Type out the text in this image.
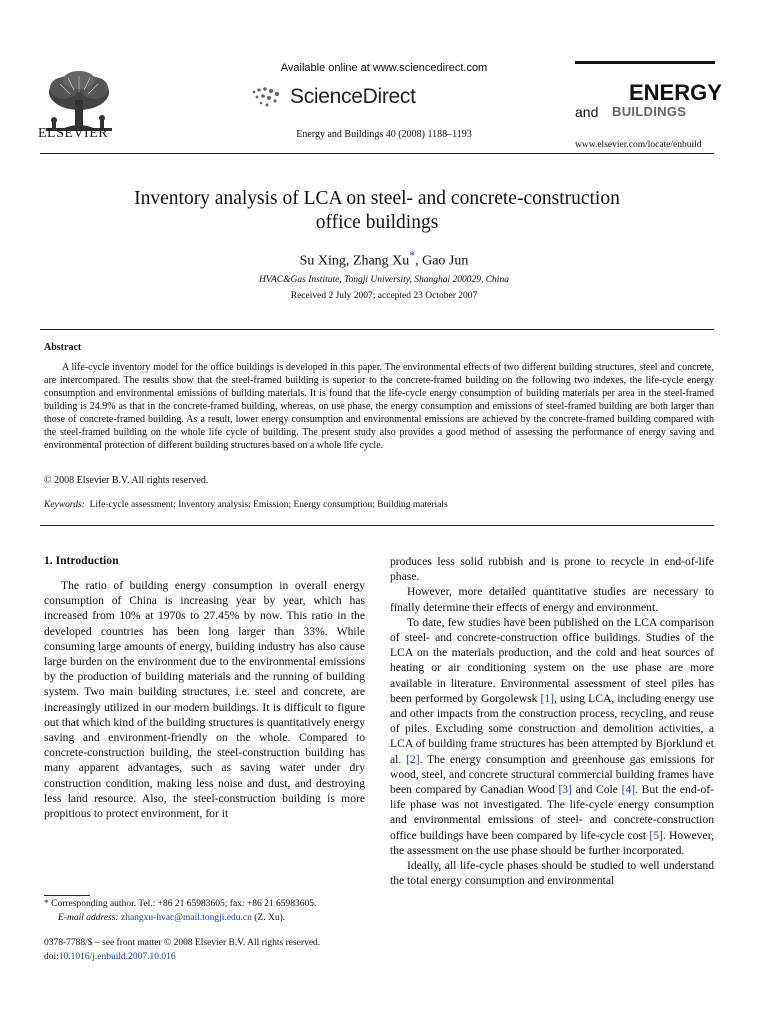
ELSEVIER
Available online at www.sciencedirect.com
ScienceDirect
Energy and Buildings 40 (2008) 1188–1193
ENERGY
and BUILDINGS
www.elsevier.com/locate/enbuild
Inventory analysis of LCA on steel- and concrete-construction
office buildings
Su Xing, Zhang Xu*, Gao Jun
HVAC&Gas Institute, Tongji University, Shanghai 200029, China
Received 2 July 2007; accepted 23 October 2007
Abstract
A life-cycle inventory model for the office buildings is developed in this paper. The environmental effects of two different building structures, steel and concrete, are intercompared. The results show that the steel-framed building is superior to the concrete-framed building on the following two indexes, the life-cycle energy consumption and environmental emissions of building materials. It is found that the life-cycle energy consumption of building materials per area in the steel-framed building is 24.9% as that in the concrete-framed building, whereas, on use phase, the energy consumption and emissions of steel-framed building are both larger than those of concrete-framed building. As a result, lower energy consumption and environmental emissions are achieved by the concrete-framed building compared with the steel-framed building on the whole life cycle of building. The present study also provides a good method of assessing the performance of energy saving and environmental protection of different building structures based on a whole life cycle.
© 2008 Elsevier B.V. All rights reserved.
Keywords: Life-cycle assessment; Inventory analysis; Emission; Energy consumption; Building materials
1. Introduction

The ratio of building energy consumption in overall energy consumption of China is increasing year by year, which has increased from 10% at 1970s to 27.45% by now. This ratio in the developed countries has been long larger than 33%. While consuming large amounts of energy, building industry has also cause large burden on the environment due to the environmental emissions by the production of building materials and the running of building system. Two main building structures, i.e. steel and concrete, are increasingly utilized in our modern buildings. It is difficult to figure out that which kind of the building structures is quantitatively energy saving and environment-friendly on the whole. Compared to concrete-construction building, the steel-construction building has many apparent advantages, such as saving water under dry construction condition, making less noise and dust, and destroying less land resource. Also, the steel-construction building is more propitious to protect environment, for it

produces less solid rubbish and is prone to recycle in end-of-life phase.

However, more detailed quantitative studies are necessary to finally determine their effects of energy and environment.

To date, few studies have been published on the LCA comparison of steel- and concrete-construction office buildings. Studies of the LCA on the materials production, and the cold and heat sources of heating or air conditioning system on the use phase are more available in literature. Environmental assessment of steel piles has been performed by Gorgolewsk [1], using LCA, including energy use and other impacts from the construction process, recycling, and reuse of piles. Excluding some construction and demolition activities, a LCA of building frame structures has been attempted by Bjorklund et al. [2]. The energy consumption and greenhouse gas emissions for wood, steel, and concrete structural commercial building frames have been compared by Canadian Wood [3] and Cole [4]. But the end-of-life phase was not investigated. The life-cycle energy consumption and environmental emissions of steel- and concrete-construction office buildings have been compared by life-cycle cost [5]. However, the assessment on the use phase should be further incorporated.

Ideally, all life-cycle phases should be studied to well understand the total energy consumption and environmental

* Corresponding author. Tel.: +86 21 65983605; fax: +86 21 65983605.
E-mail address: zhangxu-hvac@mail.tongji.edu.cn (Z. Xu).
0378-7788/$ – see front matter © 2008 Elsevier B.V. All rights reserved.
doi:10.1016/j.enbuild.2007.10.016
